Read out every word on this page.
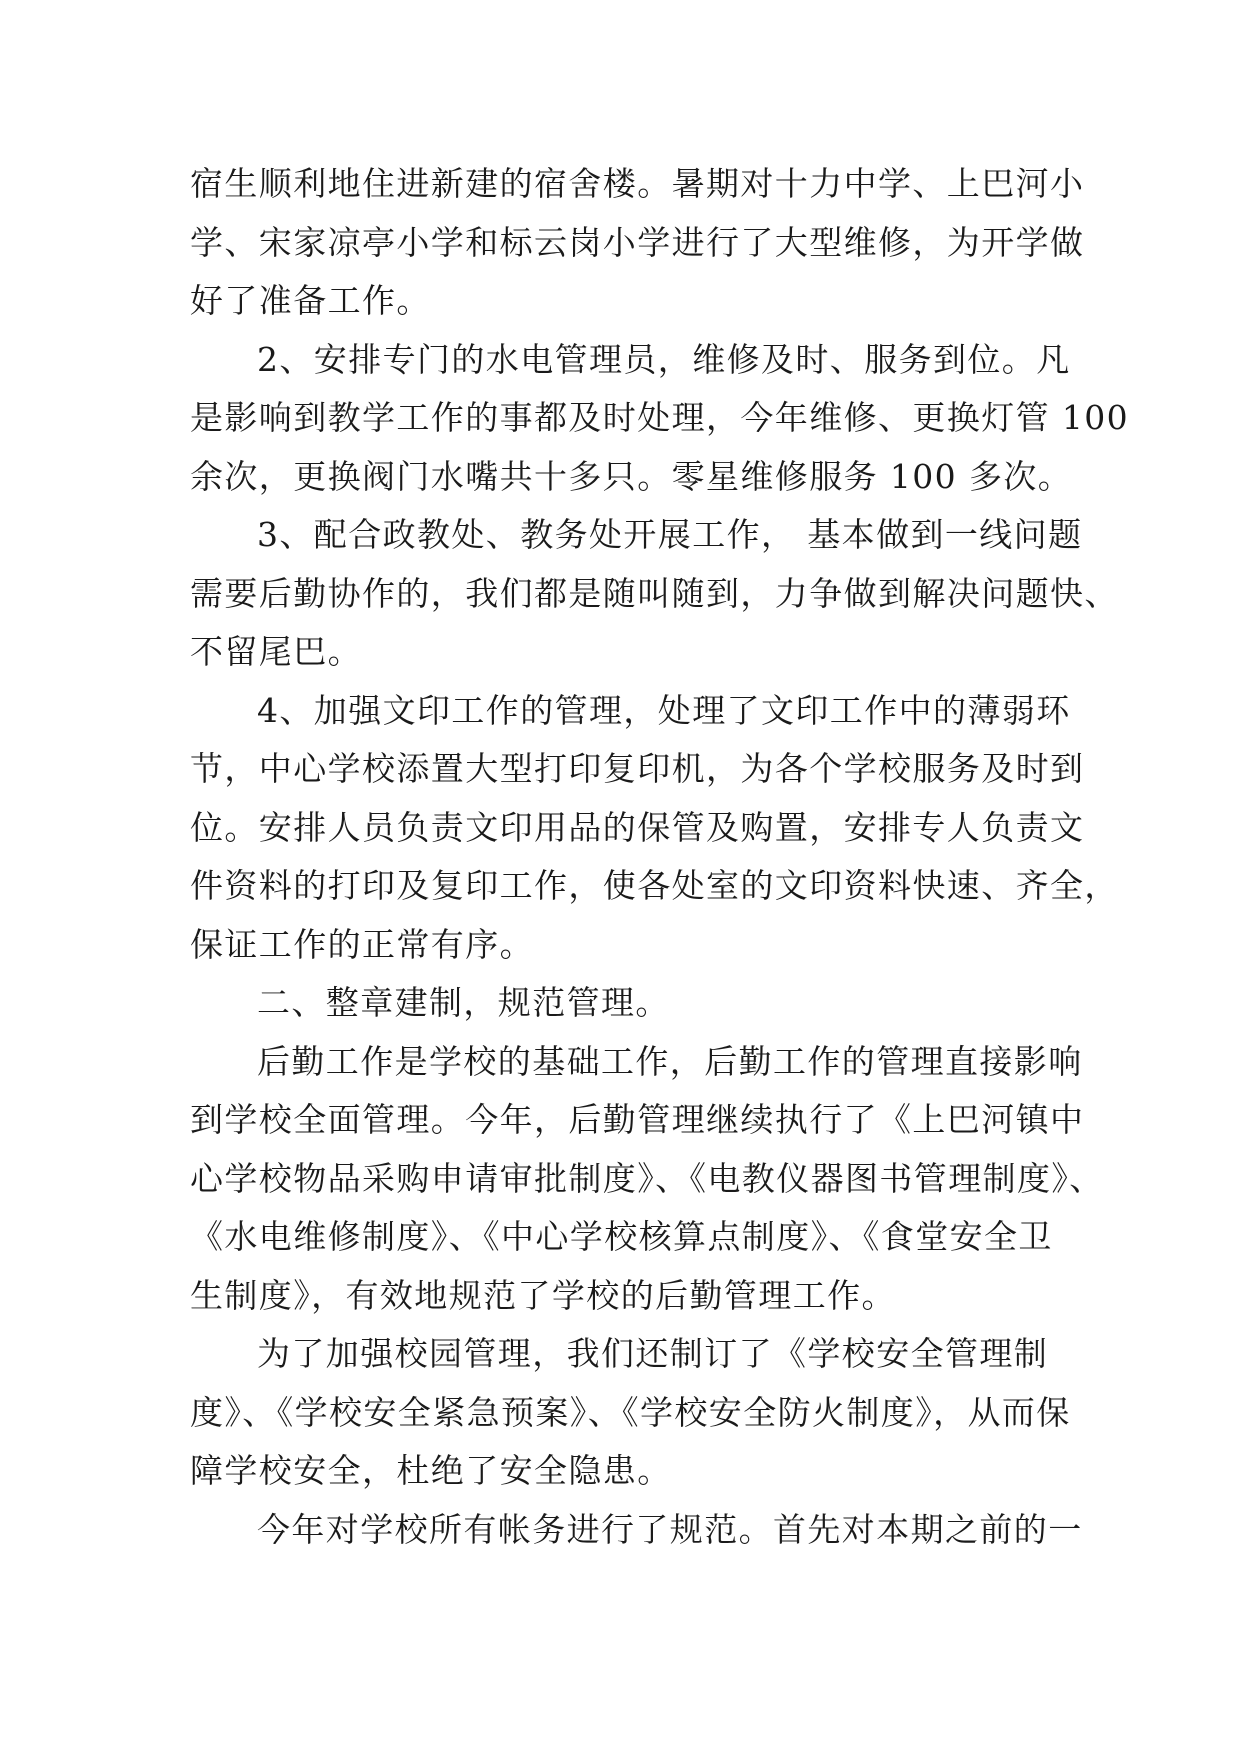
宿生顺利地住进新建的宿舍楼。暑期对十力中学、上巴河小
学、宋家凉亭小学和标云岗小学进行了大型维修，为开学做
好了准备工作。
2、安排专门的水电管理员，维修及时、服务到位。凡
是影响到教学工作的事都及时处理，今年维修、更换灯管 100
余次，更换阀门水嘴共十多只。零星维修服务 100 多次。
3、配合政教处、教务处开展工作， 基本做到一线问题
需要后勤协作的，我们都是随叫随到，力争做到解决问题快、
不留尾巴。
4、加强文印工作的管理，处理了文印工作中的薄弱环
节，中心学校添置大型打印复印机，为各个学校服务及时到
位。安排人员负责文印用品的保管及购置，安排专人负责文
件资料的打印及复印工作，使各处室的文印资料快速、齐全，
保证工作的正常有序。
二、整章建制，规范管理。
后勤工作是学校的基础工作，后勤工作的管理直接影响
到学校全面管理。今年，后勤管理继续执行了《上巴河镇中
心学校物品采购申请审批制度》、《电教仪器图书管理制度》、
《水电维修制度》、《中心学校核算点制度》、《食堂安全卫
生制度》，有效地规范了学校的后勤管理工作。
为了加强校园管理，我们还制订了《学校安全管理制
度》、《学校安全紧急预案》、《学校安全防火制度》，从而保
障学校安全，杜绝了安全隐患。
今年对学校所有帐务进行了规范。首先对本期之前的一
